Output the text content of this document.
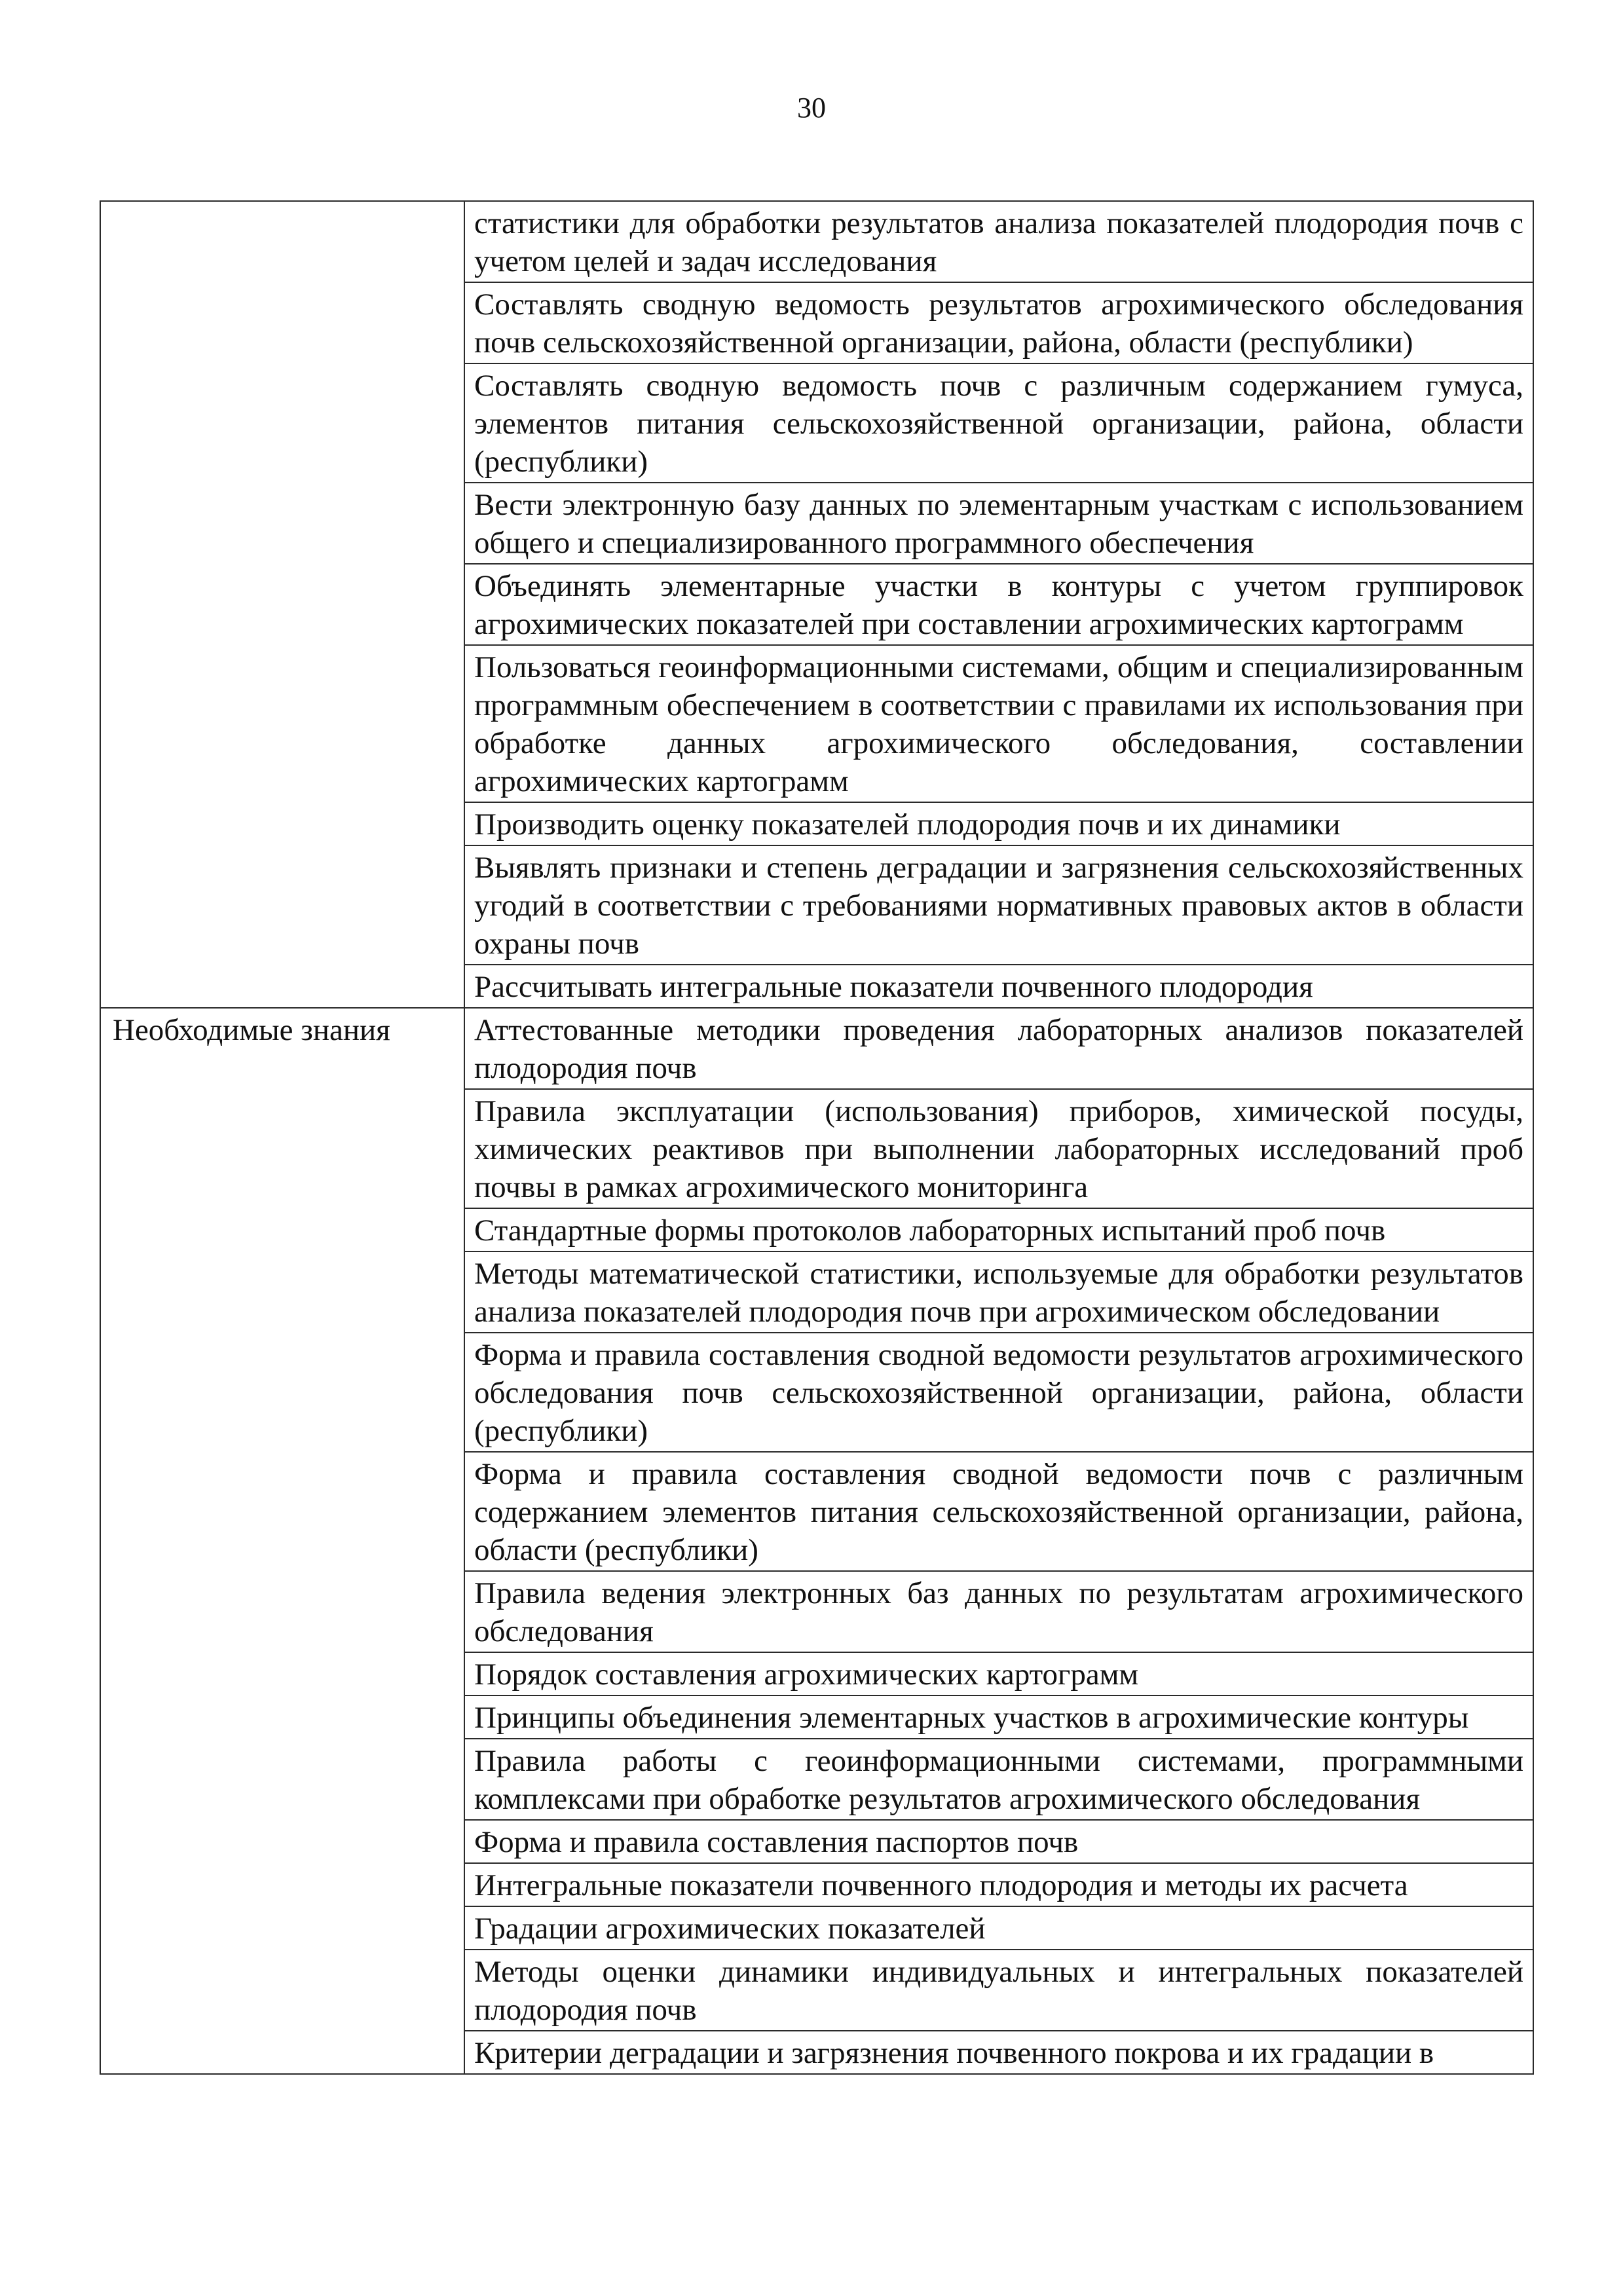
30
	статистики для обработки результатов анализа показателей плодородия почв с учетом целей и задач исследования
	Составлять сводную ведомость результатов агрохимического обследования почв сельскохозяйственной организации, района, области (республики)
	Составлять сводную ведомость почв с различным содержанием гумуса, элементов питания сельскохозяйственной организации, района, области (республики)
	Вести электронную базу данных по элементарным участкам с использованием общего и специализированного программного обеспечения
	Объединять элементарные участки в контуры с учетом группировок агрохимических показателей при составлении агрохимических картограмм
	Пользоваться геоинформационными системами, общим и специализированным программным обеспечением в соответствии с правилами их использования при обработке данных агрохимического обследования, составлении агрохимических картограмм
	Производить оценку показателей плодородия почв и их динамики
	Выявлять признаки и степень деградации и загрязнения сельскохозяйственных угодий в соответствии с требованиями нормативных правовых актов в области охраны почв
	Рассчитывать интегральные показатели почвенного плодородия
Необходимые знания	Аттестованные методики проведения лабораторных анализов показателей плодородия почв
	Правила эксплуатации (использования) приборов, химической посуды, химических реактивов при выполнении лабораторных исследований проб почвы в рамках агрохимического мониторинга
	Стандартные формы протоколов лабораторных испытаний проб почв
	Методы математической статистики, используемые для обработки результатов анализа показателей плодородия почв при агрохимическом обследовании
	Форма и правила составления сводной ведомости результатов агрохимического обследования почв сельскохозяйственной организации, района, области (республики)
	Форма и правила составления сводной ведомости почв с различным содержанием элементов питания сельскохозяйственной организации, района, области (республики)
	Правила ведения электронных баз данных по результатам агрохимического обследования
	Порядок составления агрохимических картограмм
	Принципы объединения элементарных участков в агрохимические контуры
	Правила работы с геоинформационными системами, программными комплексами при обработке результатов агрохимического обследования
	Форма и правила составления паспортов почв
	Интегральные показатели почвенного плодородия и методы их расчета
	Градации агрохимических показателей
	Методы оценки динамики индивидуальных и интегральных показателей плодородия почв
	Критерии деградации и загрязнения почвенного покрова и их градации в
